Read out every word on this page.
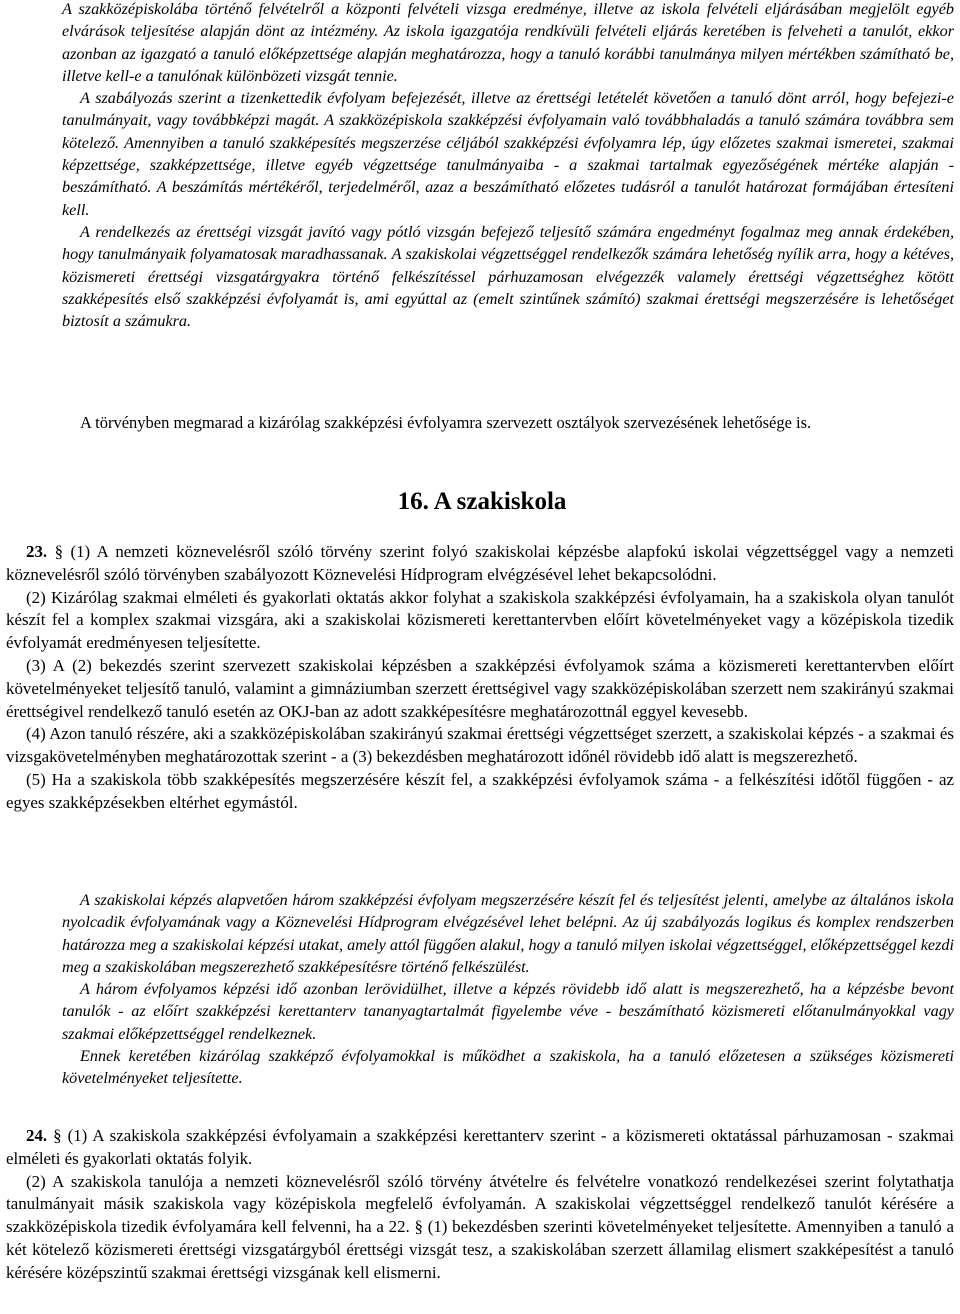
A szakközépiskolába történő felvételről a központi felvételi vizsga eredménye, illetve az iskola felvételi eljárásában megjelölt egyéb elvárások teljesítése alapján dönt az intézmény. Az iskola igazgatója rendkívüli felvételi eljárás keretében is felveheti a tanulót, ekkor azonban az igazgató a tanuló előképzettsége alapján meghatározza, hogy a tanuló korábbi tanulmánya milyen mértékben számítható be, illetve kell-e a tanulónak különbözeti vizsgát tennie.

A szabályozás szerint a tizenkettedik évfolyam befejezését, illetve az érettségi letételét követően a tanuló dönt arról, hogy befejezi-e tanulmányait, vagy továbbképzi magát. A szakközépiskola szakképzési évfolyamain való továbbhaladás a tanuló számára továbbra sem kötelező. Amennyiben a tanuló szakképesítés megszerzése céljából szakképzési évfolyamra lép, úgy előzetes szakmai ismeretei, szakmai képzettsége, szakképzettsége, illetve egyéb végzettsége tanulmányaiba - a szakmai tartalmak egyezőségének mértéke alapján - beszámítható. A beszámítás mértékéről, terjedelméről, azaz a beszámítható előzetes tudásról a tanulót határozat formájában értesíteni kell.

A rendelkezés az érettségi vizsgát javító vagy pótló vizsgán befejező teljesítő számára engedményt fogalmaz meg annak érdekében, hogy tanulmányaik folyamatosak maradhassanak. A szakiskolai végzettséggel rendelkezők számára lehetőség nyílik arra, hogy a kétéves, közismereti érettségi vizsgatárgyakra történő felkészítéssel párhuzamosan elvégezzék valamely érettségi végzettséghez kötött szakképesítés első szakképzési évfolyamát is, ami egyúttal az (emelt szintűnek számító) szakmai érettségi megszerzésére is lehetőséget biztosít a számukra.

A törvényben megmarad a kizárólag szakképzési évfolyamra szervezett osztályok szervezésének lehetősége is.

16. A szakiskola

23. § (1) A nemzeti köznevelésről szóló törvény szerint folyó szakiskolai képzésbe alapfokú iskolai végzettséggel vagy a nemzeti köznevelésről szóló törvényben szabályozott Köznevelési Hídprogram elvégzésével lehet bekapcsolódni.

(2) Kizárólag szakmai elméleti és gyakorlati oktatás akkor folyhat a szakiskola szakképzési évfolyamain, ha a szakiskola olyan tanulót készít fel a komplex szakmai vizsgára, aki a szakiskolai közismereti kerettantervben előírt követelményeket vagy a középiskola tizedik évfolyamát eredményesen teljesítette.

(3) A (2) bekezdés szerint szervezett szakiskolai képzésben a szakképzési évfolyamok száma a közismereti kerettantervben előírt követelményeket teljesítő tanuló, valamint a gimnáziumban szerzett érettségivel vagy szakközépiskolában szerzett nem szakirányú szakmai érettségivel rendelkező tanuló esetén az OKJ-ban az adott szakképesítésre meghatározottnál eggyel kevesebb.

(4) Azon tanuló részére, aki a szakközépiskolában szakirányú szakmai érettségi végzettséget szerzett, a szakiskolai képzés - a szakmai és vizsgakövetelményben meghatározottak szerint - a (3) bekezdésben meghatározott időnél rövidebb idő alatt is megszerezhető.

(5) Ha a szakiskola több szakképesítés megszerzésére készít fel, a szakképzési évfolyamok száma - a felkészítési időtől függően - az egyes szakképzésekben eltérhet egymástól.

A szakiskolai képzés alapvetően három szakképzési évfolyam megszerzésére készít fel és teljesítést jelenti, amelybe az általános iskola nyolcadik évfolyamának vagy a Köznevelési Hídprogram elvégzésével lehet belépni. Az új szabályozás logikus és komplex rendszerben határozza meg a szakiskolai képzési utakat, amely attól függően alakul, hogy a tanuló milyen iskolai végzettséggel, előképzettséggel kezdi meg a szakiskolában megszerezhető szakképesítésre történő felkészülést.

A három évfolyamos képzési idő azonban lerövidülhet, illetve a képzés rövidebb idő alatt is megszerezhető, ha a képzésbe bevont tanulók - az előírt szakképzési kerettanterv tananyagtartalmát figyelembe véve - beszámítható közismereti előtanulmányokkal vagy szakmai előképzettséggel rendelkeznek.

Ennek keretében kizárólag szakképző évfolyamokkal is működhet a szakiskola, ha a tanuló előzetesen a szükséges közismereti követelményeket teljesítette.

24. § (1) A szakiskola szakképzési évfolyamain a szakképzési kerettanterv szerint - a közismereti oktatással párhuzamosan - szakmai elméleti és gyakorlati oktatás folyik.

(2) A szakiskola tanulója a nemzeti köznevelésről szóló törvény átvételre és felvételre vonatkozó rendelkezései szerint folytathatja tanulmányait másik szakiskola vagy középiskola megfelelő évfolyamán. A szakiskolai végzettséggel rendelkező tanulót kérésére a szakközépiskola tizedik évfolyamára kell felvenni, ha a 22. § (1) bekezdésben szerinti követelményeket teljesítette. Amennyiben a tanuló a két kötelező közismereti érettségi vizsgatárgyból érettségi vizsgát tesz, a szakiskolában szerzett államilag elismert szakképesítést a tanuló kérésére középszintű szakmai érettségi vizsgának kell elismerni.
